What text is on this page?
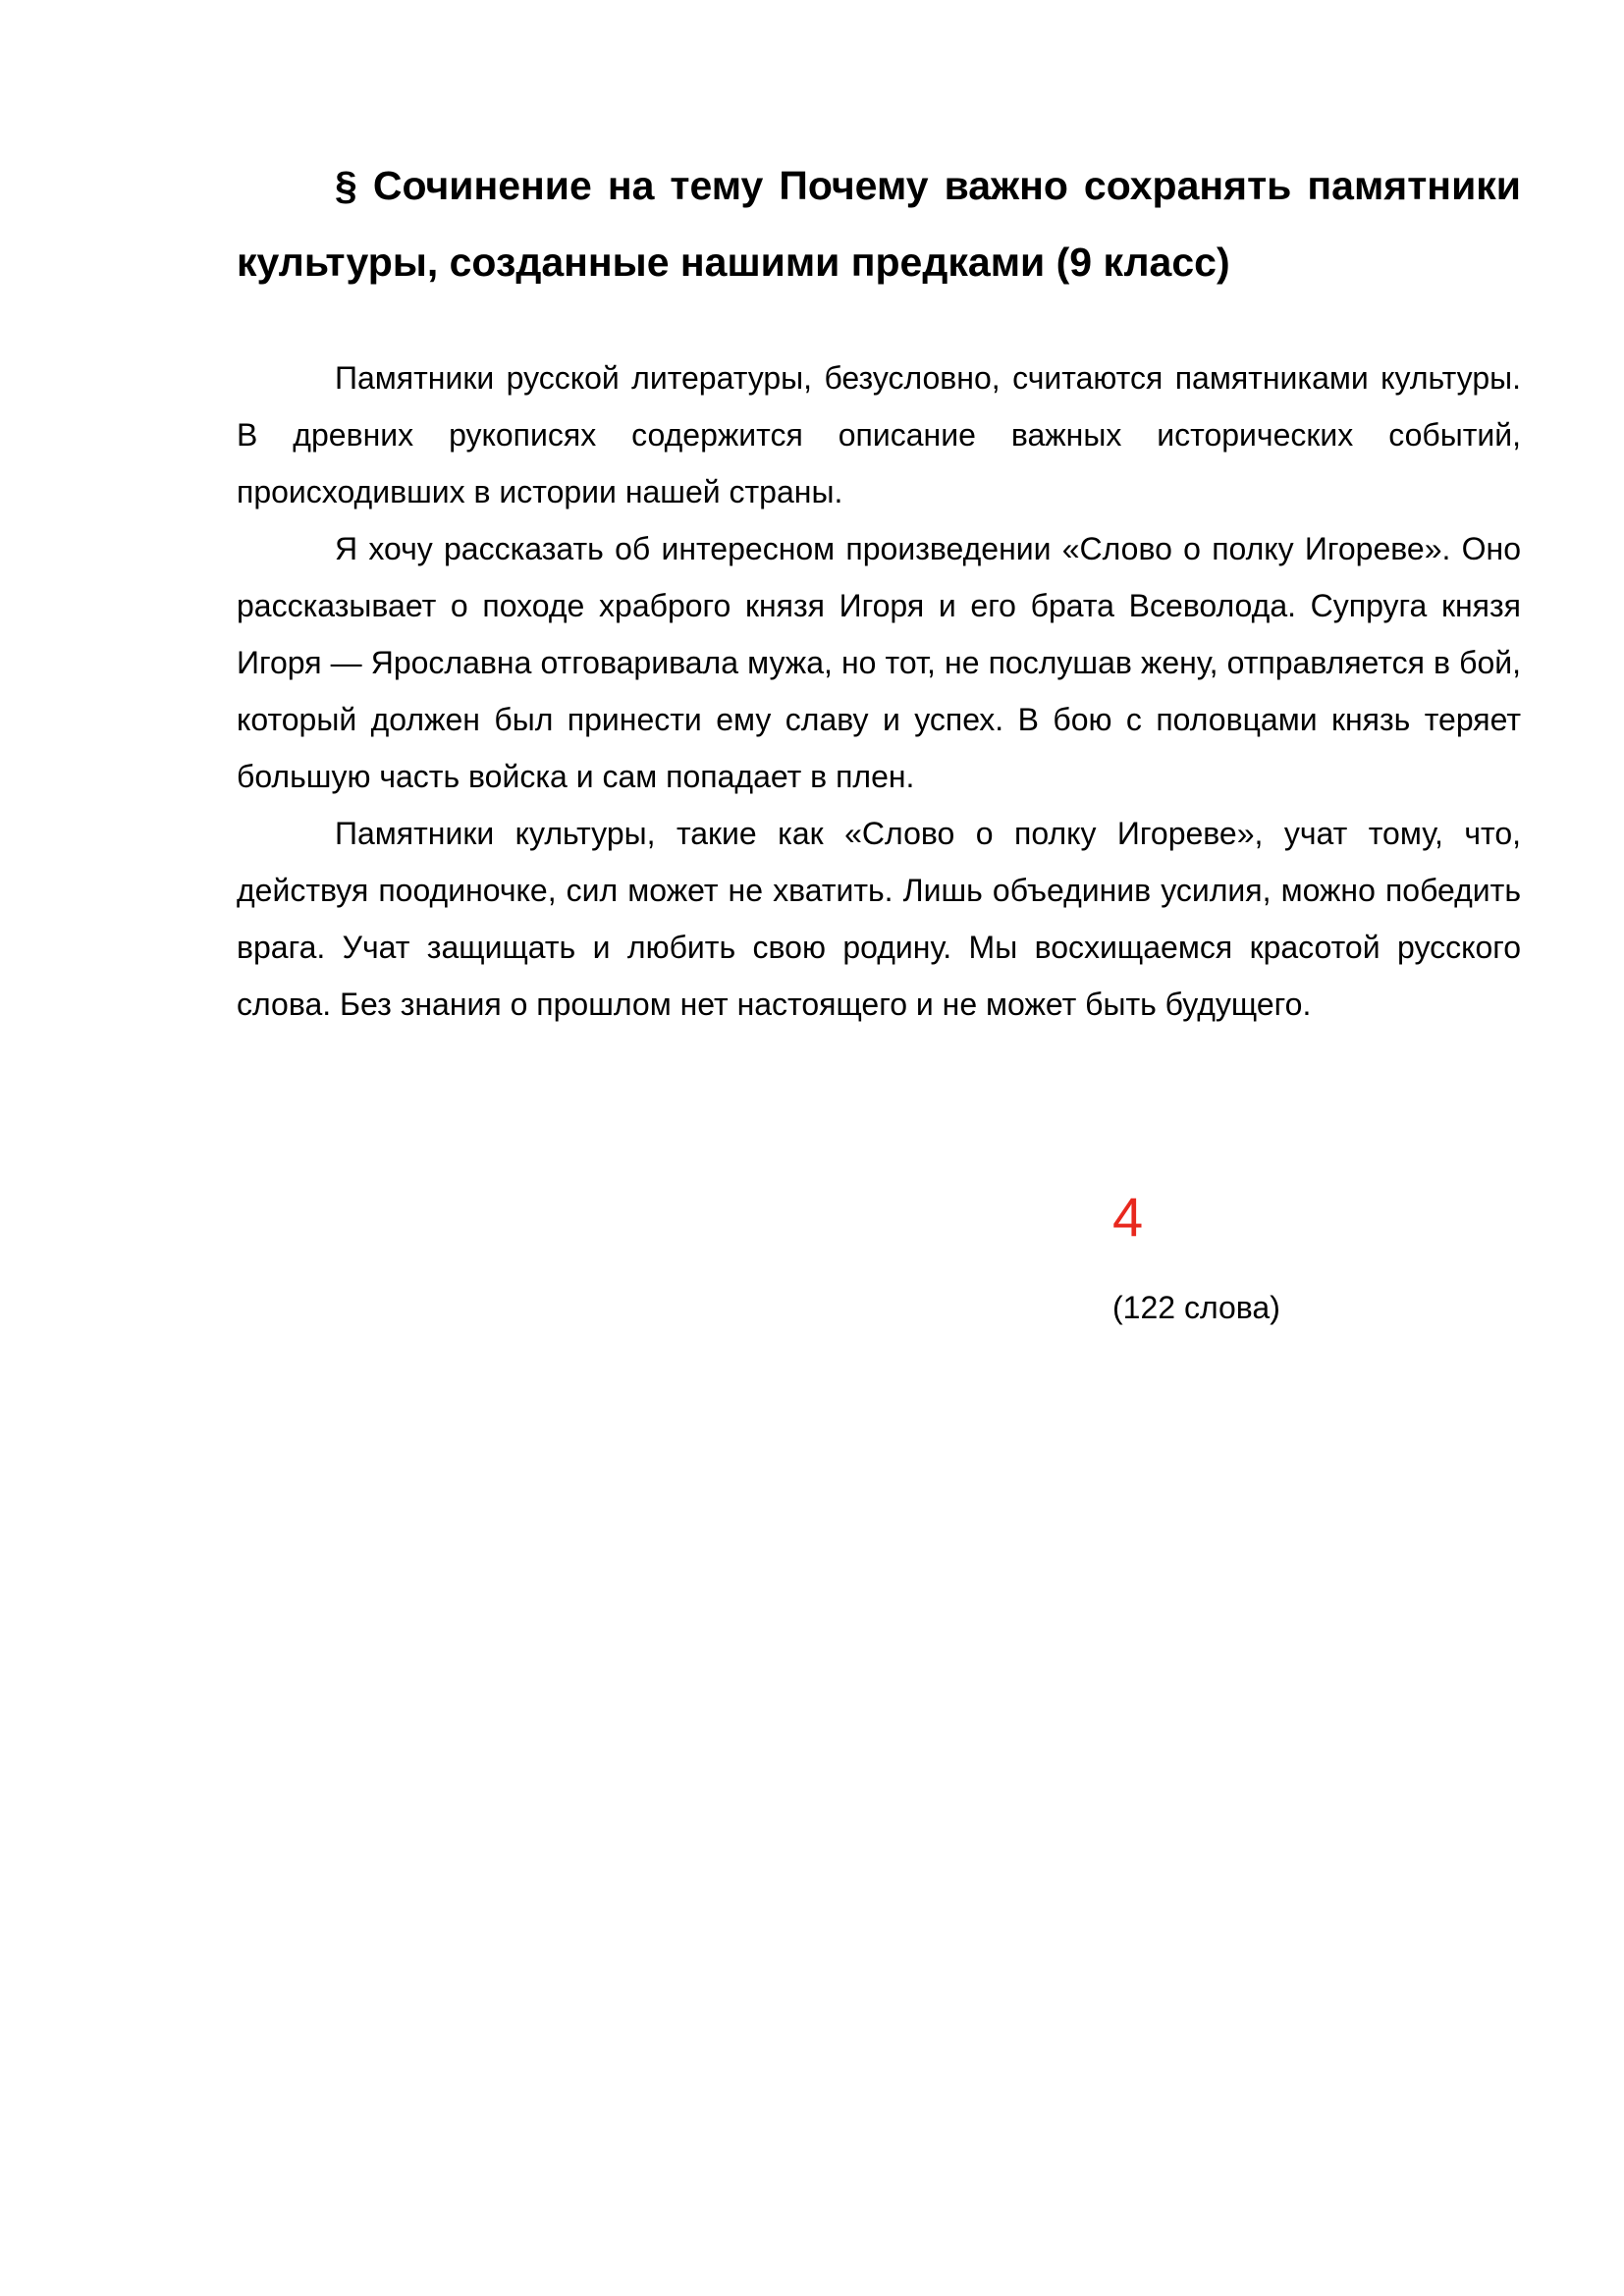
§ Сочинение на тему Почему важно сохранять памятники культуры, созданные нашими предками (9 класс)

Памятники русской литературы, безусловно, считаются памятниками культуры. В древних рукописях содержится описание важных исторических событий, происходивших в истории нашей страны.

Я хочу рассказать об интересном произведении «Слово о полку Игореве». Оно рассказывает о походе храброго князя Игоря и его брата Всеволода. Супруга князя Игоря — Ярославна отговаривала мужа, но тот, не послушав жену, отправляется в бой, который должен был принести ему славу и успех. В бою с половцами князь теряет большую часть войска и сам попадает в плен.

Памятники культуры, такие как «Слово о полку Игореве», учат тому, что, действуя поодиночке, сил может не хватить. Лишь объединив усилия, можно победить врага. Учат защищать и любить свою родину. Мы восхищаемся красотой русского слова. Без знания о прошлом нет настоящего и не может быть будущего.

4
(122 слова)
